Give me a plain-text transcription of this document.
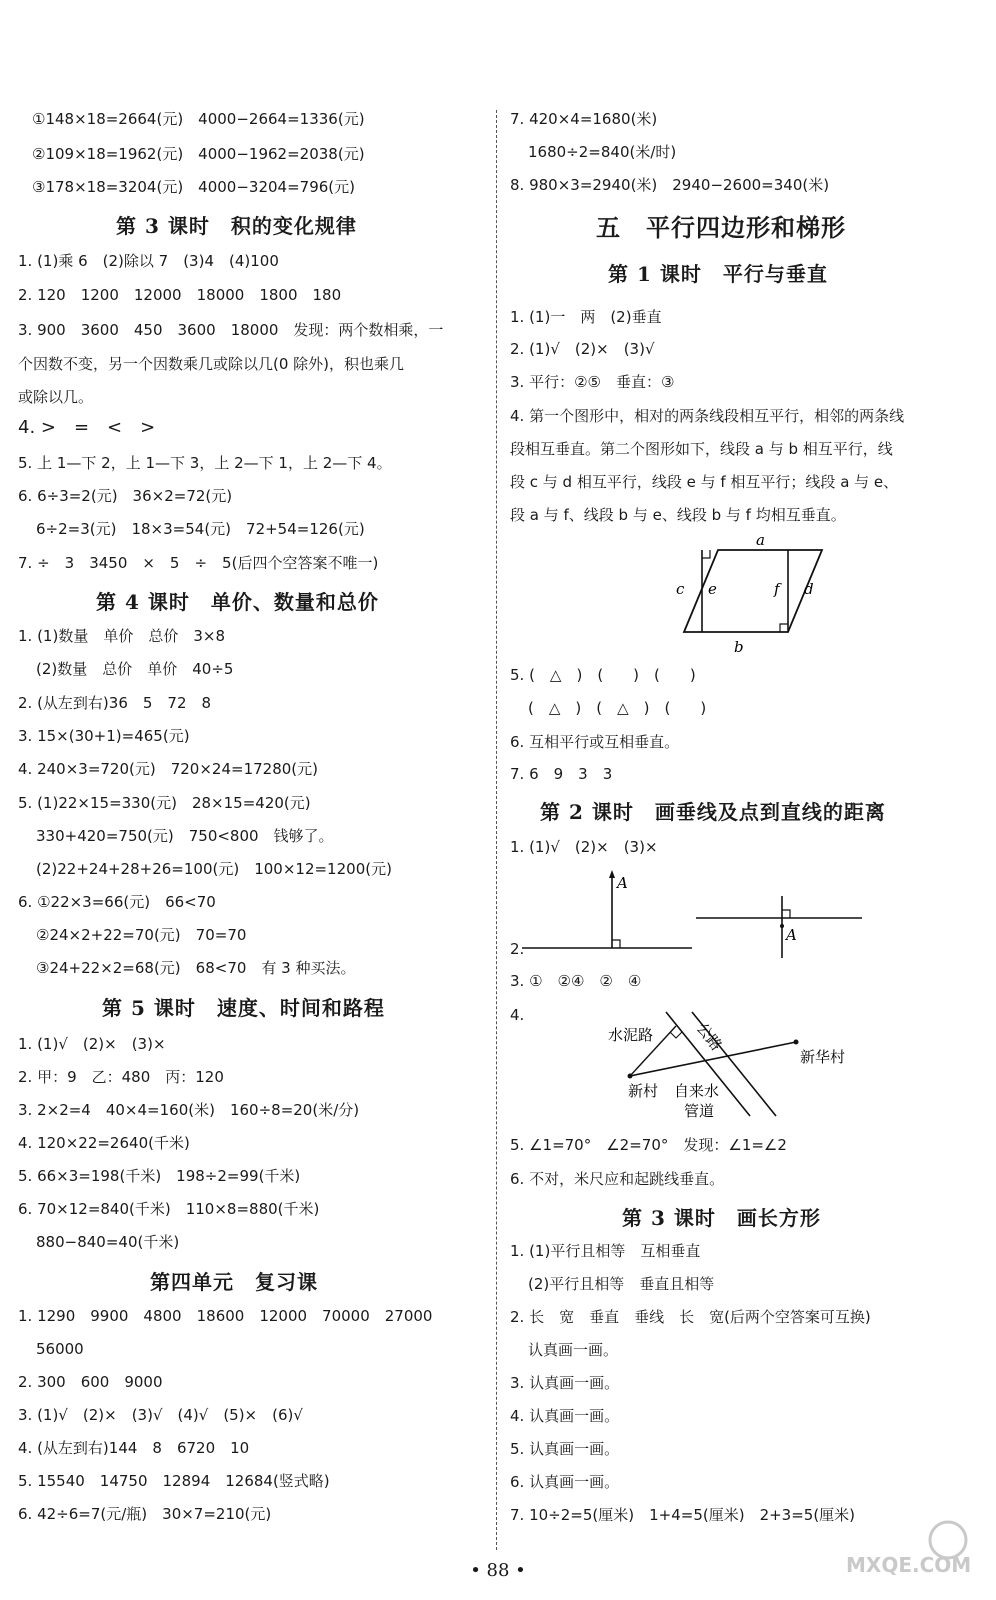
①148×18=2664(元)　4000−2664=1336(元)
②109×18=1962(元)　4000−1962=2038(元)
③178×18=3204(元)　4000−3204=796(元)
第 3 课时　积的变化规律
1. (1)乘 6　(2)除以 7　(3)4　(4)100
2. 120　1200　12000　18000　1800　180
3. 900　3600　450　3600　18000　发现：两个数相乘，一
个因数不变，另一个因数乘几或除以几(0 除外)，积也乘几
或除以几。
4. >　=　<　>
5. 上 1—下 2，上 1—下 3，上 2—下 1，上 2—下 4。
6. 6÷3=2(元)　36×2=72(元)
6÷2=3(元)　18×3=54(元)　72+54=126(元)
7. ÷　3　3450　×　5　÷　5(后四个空答案不唯一)
第 4 课时　单价、数量和总价
1. (1)数量　单价　总价　3×8
(2)数量　总价　单价　40÷5
2. (从左到右)36　5　72　8
3. 15×(30+1)=465(元)
4. 240×3=720(元)　720×24=17280(元)
5. (1)22×15=330(元)　28×15=420(元)
330+420=750(元)　750<800　钱够了。
(2)22+24+28+26=100(元)　100×12=1200(元)
6. ①22×3=66(元)　66<70
②24×2+22=70(元)　70=70
③24+22×2=68(元)　68<70　有 3 种买法。
第 5 课时　速度、时间和路程
1. (1)√　(2)×　(3)×
2. 甲：9　乙：480　丙：120
3. 2×2=4　40×4=160(米)　160÷8=20(米/分)
4. 120×22=2640(千米)
5. 66×3=198(千米)　198÷2=99(千米)
6. 70×12=840(千米)　110×8=880(千米)
880−840=40(千米)
第四单元　复习课
1. 1290　9900　4800　18600　12000　70000　27000
56000
2. 300　600　9000
3. (1)√　(2)×　(3)√　(4)√　(5)×　(6)√
4. (从左到右)144　8　6720　10
5. 15540　14750　12894　12684(竖式略)
6. 42÷6=7(元/瓶)　30×7=210(元)
7. 420×4=1680(米)
1680÷2=840(米/时)
8. 980×3=2940(米)　2940−2600=340(米)
五　平行四边形和梯形
第 1 课时　平行与垂直
1. (1)一　两　(2)垂直
2. (1)√　(2)×　(3)√
3. 平行：②⑤　垂直：③
4. 第一个图形中，相对的两条线段相互平行，相邻的两条线
段相互垂直。第二个图形如下，线段 a 与 b 相互平行，线
段 c 与 d 相互平行，线段 e 与 f 相互平行；线段 a 与 e、
段 a 与 f、线段 b 与 e、线段 b 与 f 均相互垂直。
a
b
c	d
e	f
5. (　△　)　(　　)　(　　)
(　△　)　(　△　)　(　　)
6. 互相平行或互相垂直。
7. 6　9　3　3
第 2 课时　画垂线及点到直线的距离
1. (1)√　(2)×　(3)×
A
A
2.
3. ①　②④　②　④
4.
水泥路	公路
新华村
新村 自来水
管道
5. ∠1=70°　∠2=70°　发现：∠1=∠2
6. 不对，米尺应和起跳线垂直。
第 3 课时　画长方形
1. (1)平行且相等　互相垂直
(2)平行且相等　垂直且相等
2. 长　宽　垂直　垂线　长　宽(后两个空答案可互换)
认真画一画。
3. 认真画一画。
4. 认真画一画。
5. 认真画一画。
6. 认真画一画。
7. 10÷2=5(厘米)　1+4=5(厘米)　2+3=5(厘米)
• 88 •	MXQE.COM
